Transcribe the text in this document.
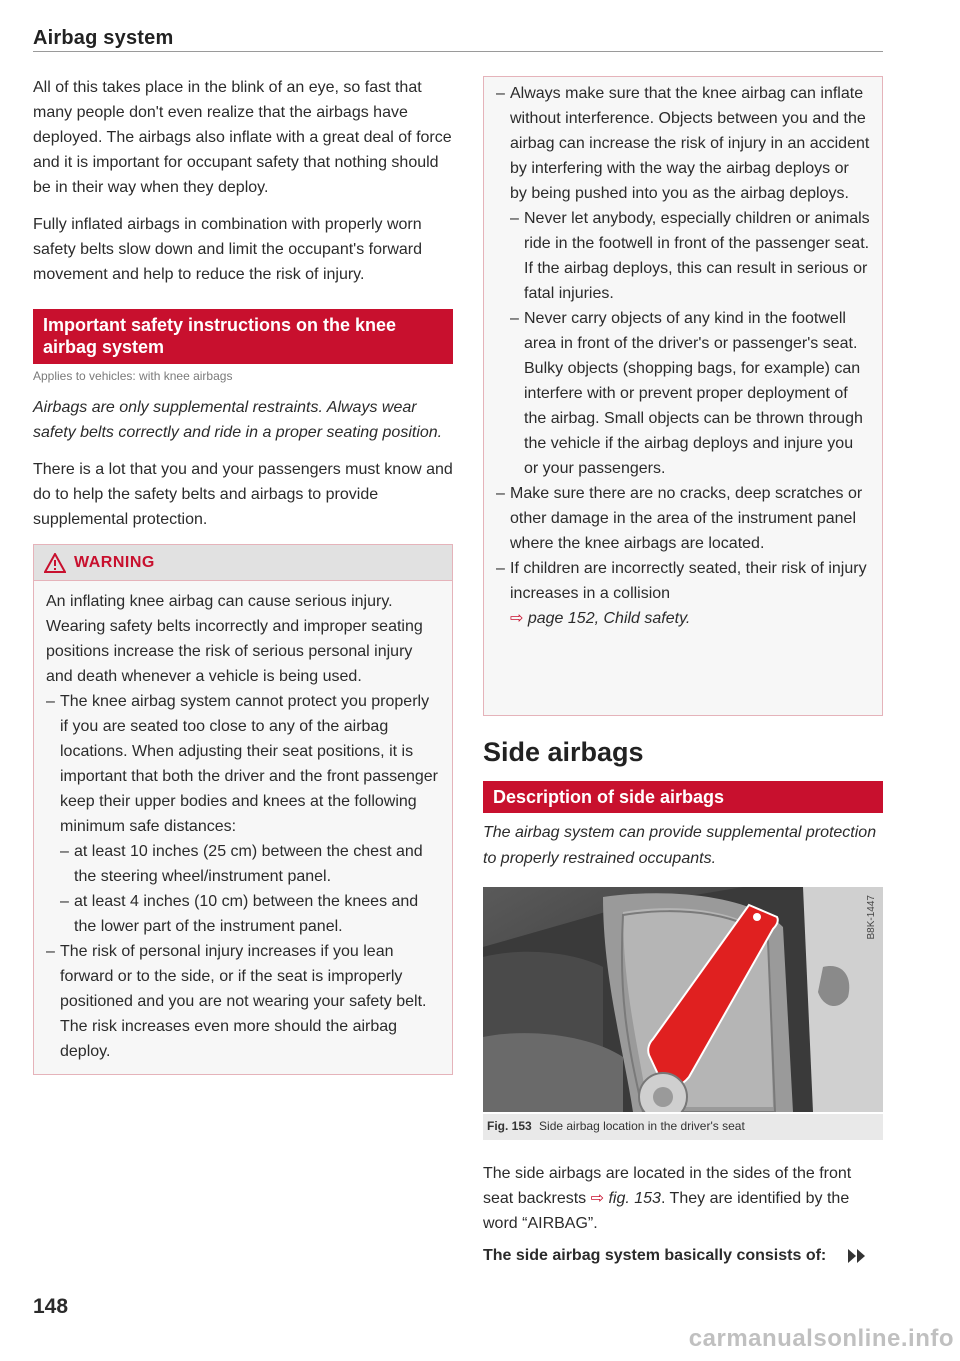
Airbag system

All of this takes place in the blink of an eye, so fast that many people don't even realize that the airbags have deployed. The airbags also inflate with a great deal of force and it is important for occupant safety that nothing should be in their way when they deploy.

Fully inflated airbags in combination with properly worn safety belts slow down and limit the occupant's forward movement and help to reduce the risk of injury.

Important safety instructions on the knee airbag system
Applies to vehicles: with knee airbags

Airbags are only supplemental restraints. Always wear safety belts correctly and ride in a proper seating position.

There is a lot that you and your passengers must know and do to help the safety belts and airbags to provide supplemental protection.

WARNING

An inflating knee airbag can cause serious injury. Wearing safety belts incorrectly and improper seating positions increase the risk of serious personal injury and death whenever a vehicle is being used.

– The knee airbag system cannot protect you properly if you are seated too close to any of the airbag locations. When adjusting their seat positions, it is important that both the driver and the front passenger keep their upper bodies and knees at the following minimum safe distances:
– at least 10 inches (25 cm) between the chest and the steering wheel/instrument panel.
– at least 4 inches (10 cm) between the knees and the lower part of the instrument panel.
– The risk of personal injury increases if you lean forward or to the side, or if the seat is improperly positioned and you are not wearing your safety belt. The risk increases even more should the airbag deploy.
– Always make sure that the knee airbag can inflate without interference. Objects between you and the airbag can increase the risk of injury in an accident by interfering with the way the airbag deploys or by being pushed into you as the airbag deploys.
– Never let anybody, especially children or animals ride in the footwell in front of the passenger seat. If the airbag deploys, this can result in serious or fatal injuries.
– Never carry objects of any kind in the footwell area in front of the driver's or passenger's seat. Bulky objects (shopping bags, for example) can interfere with or prevent proper deployment of the airbag. Small objects can be thrown through the vehicle if the airbag deploys and injure you or your passengers.
– Make sure there are no cracks, deep scratches or other damage in the area of the instrument panel where the knee airbags are located.
– If children are incorrectly seated, their risk of injury increases in a collision
⇨ page 152, Child safety.
Side airbags
Description of side airbags
The airbag system can provide supplemental protection to properly restrained occupants.
B8K-1447
Fig. 153 Side airbag location in the driver's seat
The side airbags are located in the sides of the front seat backrests ⇨ fig. 153. They are identified by the word “AIRBAG”.
The side airbag system basically consists of:
148
carmanualsonline.info
